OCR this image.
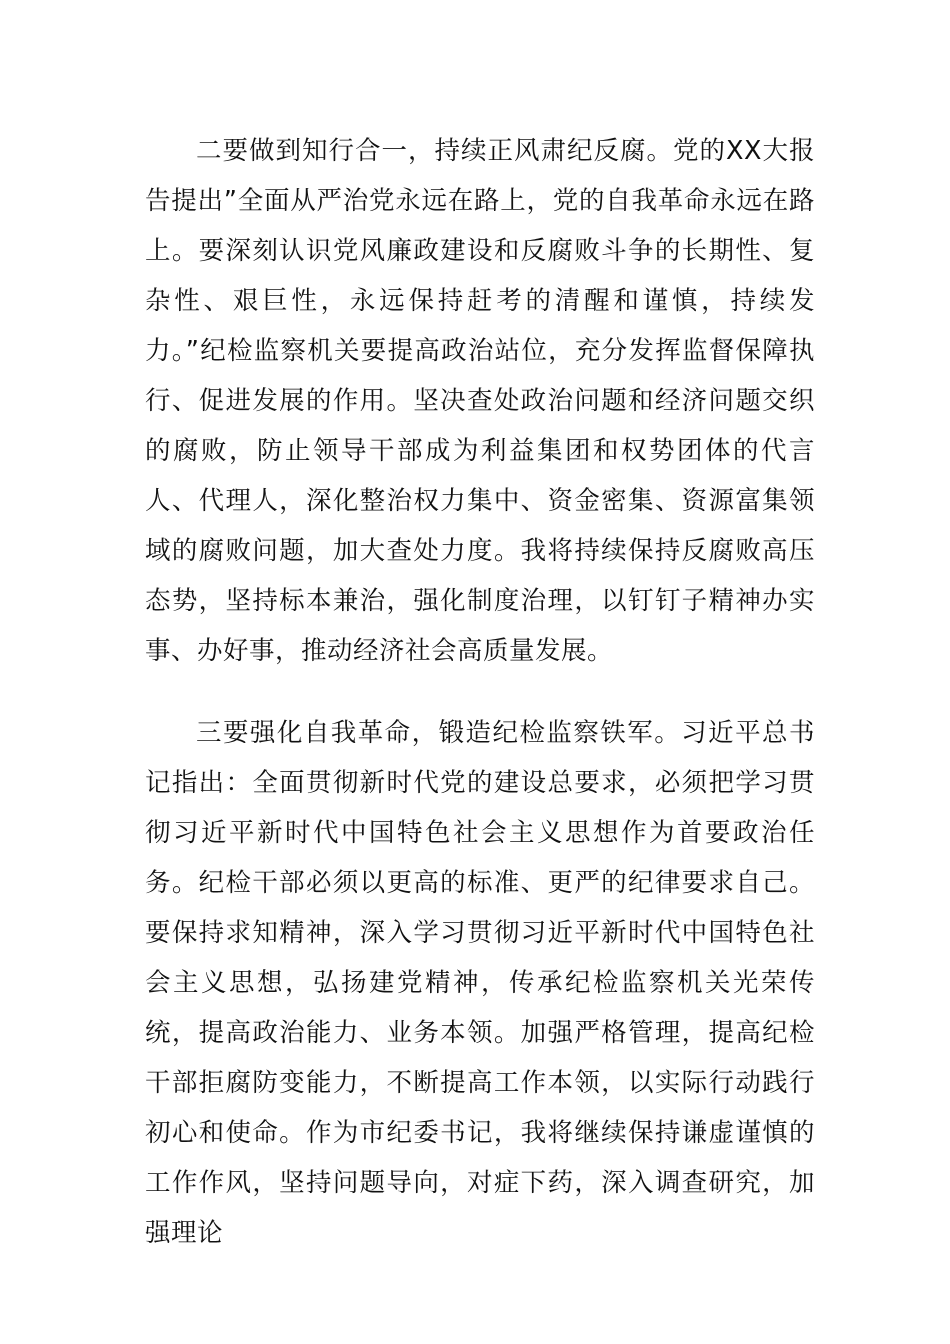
二要做到知行合一，持续正风肃纪反腐。党的XX大报告提出”全面从严治党永远在路上，党的自我革命永远在路上。要深刻认识党风廉政建设和反腐败斗争的长期性、复杂性、艰巨性，永远保持赶考的清醒和谨慎，持续发力。”纪检监察机关要提高政治站位，充分发挥监督保障执行、促进发展的作用。坚决查处政治问题和经济问题交织的腐败，防止领导干部成为利益集团和权势团体的代言人、代理人，深化整治权力集中、资金密集、资源富集领域的腐败问题，加大查处力度。我将持续保持反腐败高压态势，坚持标本兼治，强化制度治理，以钉钉子精神办实事、办好事，推动经济社会高质量发展。

三要强化自我革命，锻造纪检监察铁军。习近平总书记指出：全面贯彻新时代党的建设总要求，必须把学习贯彻习近平新时代中国特色社会主义思想作为首要政治任务。纪检干部必须以更高的标准、更严的纪律要求自己。要保持求知精神，深入学习贯彻习近平新时代中国特色社会主义思想，弘扬建党精神，传承纪检监察机关光荣传统，提高政治能力、业务本领。加强严格管理，提高纪检干部拒腐防变能力，不断提高工作本领，以实际行动践行初心和使命。作为市纪委书记，我将继续保持谦虚谨慎的工作作风，坚持问题导向，对症下药，深入调查研究，加强理论
